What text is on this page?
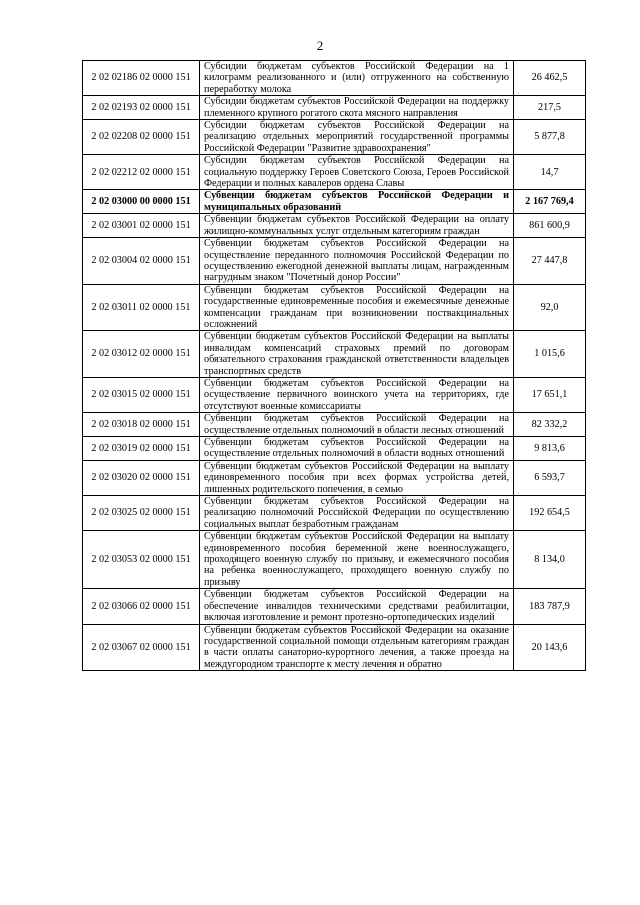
2
2 02 02186 02 0000 151	Субсидии бюджетам субъектов Российской Федерации на 1 килограмм реализованного и (или) отгруженного на собственную переработку молока	26 462,5
2 02 02193 02 0000 151	Субсидии бюджетам субъектов Российской Федерации на поддержку племенного крупного рогатого скота мясного направления	217,5
2 02 02208 02 0000 151	Субсидии бюджетам субъектов Российской Федерации на реализацию отдельных мероприятий государственной программы Российской Федерации "Развитие здравоохранения"	5 877,8
2 02 02212 02 0000 151	Субсидии бюджетам субъектов Российской Федерации на социальную поддержку Героев Советского Союза, Героев Российской Федерации и полных кавалеров ордена Славы	14,7
2 02 03000 00 0000 151	Субвенции бюджетам субъектов Российской Федерации и муниципальных образований	2 167 769,4
2 02 03001 02 0000 151	Субвенции бюджетам субъектов Российской Федерации на оплату жилищно-коммунальных услуг отдельным категориям граждан	861 600,9
2 02 03004 02 0000 151	Субвенции бюджетам субъектов Российской Федерации на осуществление переданного полномочия Российской Федерации по осуществлению ежегодной денежной выплаты лицам, награжденным нагрудным знаком "Почетный донор России"	27 447,8
2 02 03011 02 0000 151	Субвенции бюджетам субъектов Российской Федерации на государственные единовременные пособия и ежемесячные денежные компенсации гражданам при возникновении поствакцинальных осложнений	92,0
2 02 03012 02 0000 151	Субвенции бюджетам субъектов Российской Федерации на выплаты инвалидам компенсаций страховых премий по договорам обязательного страхования гражданской ответственности владельцев транспортных средств	1 015,6
2 02 03015 02 0000 151	Субвенции бюджетам субъектов Российской Федерации на осуществление первичного воинского учета на территориях, где отсутствуют военные комиссариаты	17 651,1
2 02 03018 02 0000 151	Субвенции бюджетам субъектов Российской Федерации на осуществление отдельных полномочий в области лесных отношений	82 332,2
2 02 03019 02 0000 151	Субвенции бюджетам субъектов Российской Федерации на осуществление отдельных полномочий в области водных отношений	9 813,6
2 02 03020 02 0000 151	Субвенции бюджетам субъектов Российской Федерации на выплату единовременного пособия при всех формах устройства детей, лишенных родительского попечения, в семью	6 593,7
2 02 03025 02 0000 151	Субвенции бюджетам субъектов Российской Федерации на реализацию полномочий Российской Федерации по осуществлению социальных выплат безработным гражданам	192 654,5
2 02 03053 02 0000 151	Субвенции бюджетам субъектов Российской Федерации на выплату единовременного пособия беременной жене военнослужащего, проходящего военную службу по призыву, и ежемесячного пособия на ребенка военнослужащего, проходящего военную службу по призыву	8 134,0
2 02 03066 02 0000 151	Субвенции бюджетам субъектов Российской Федерации на обеспечение инвалидов техническими средствами реабилитации, включая изготовление и ремонт протезно-ортопедических изделий	183 787,9
2 02 03067 02 0000 151	Субвенции бюджетам субъектов Российской Федерации на оказание государственной социальной помощи отдельным категориям граждан в части оплаты санаторно-курортного лечения, а также проезда на междугородном транспорте к месту лечения и обратно	20 143,6
